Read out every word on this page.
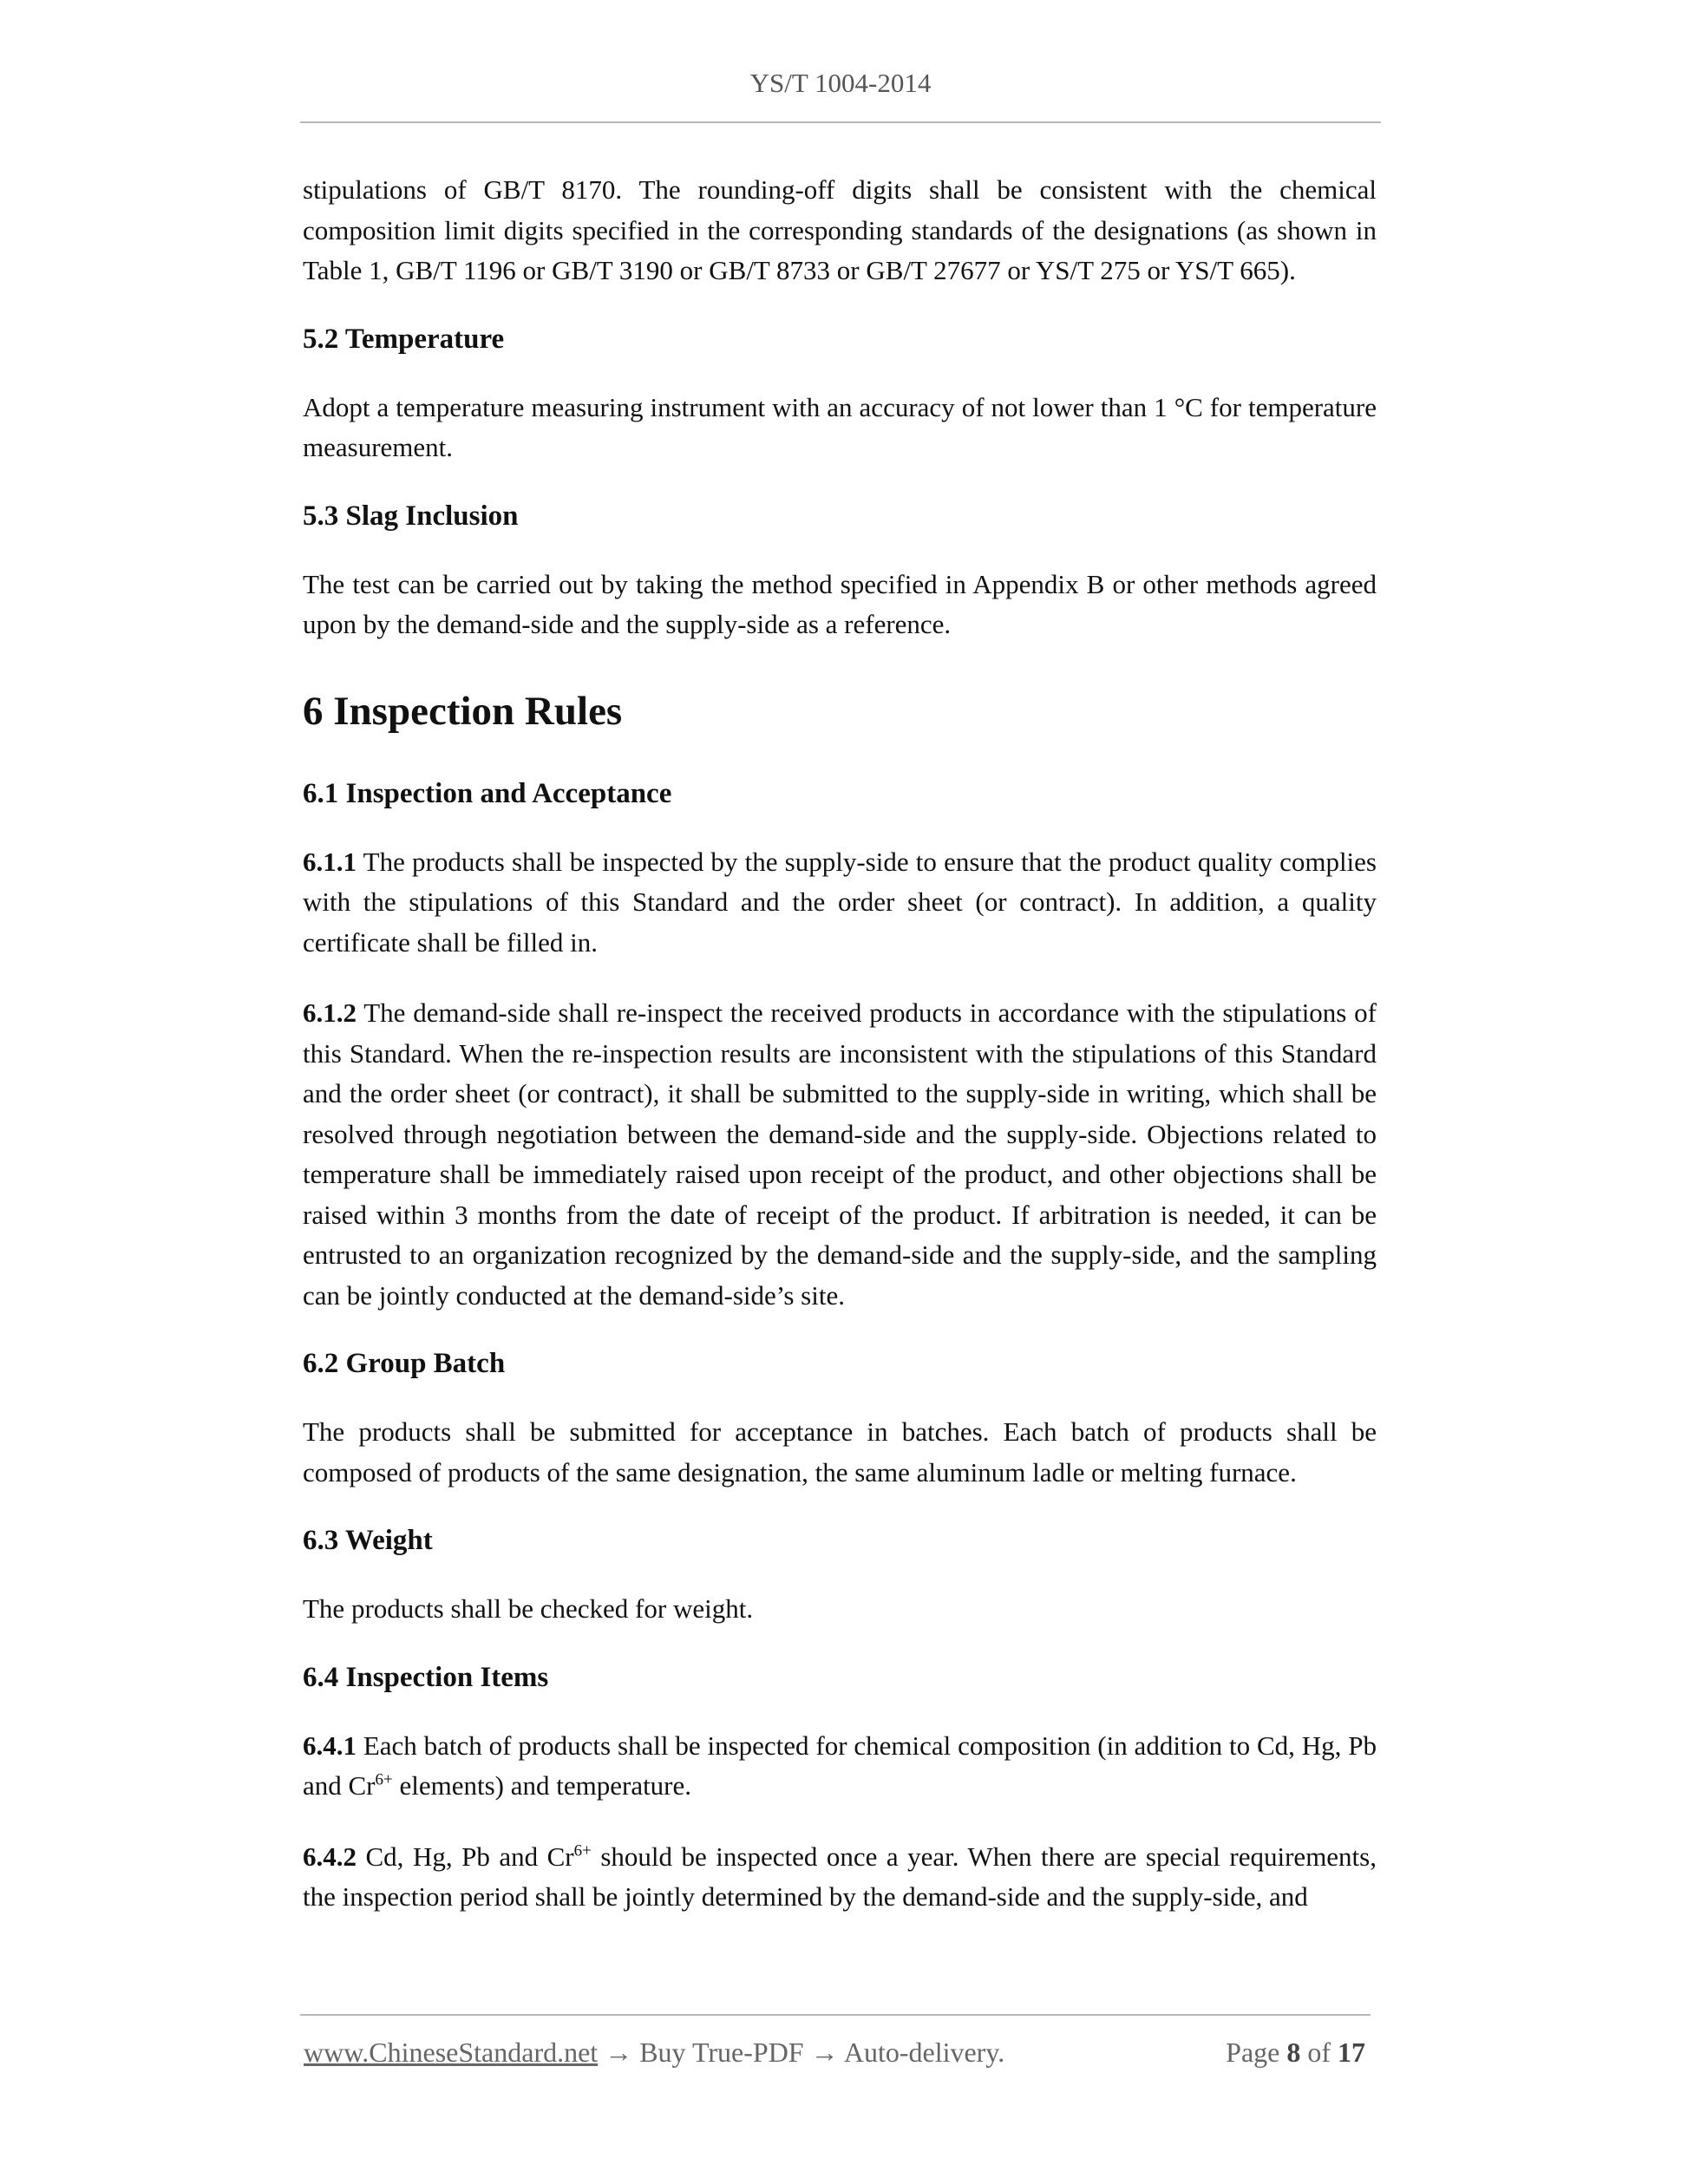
YS/T 1004-2014

stipulations of GB/T 8170. The rounding-off digits shall be consistent with the chemical composition limit digits specified in the corresponding standards of the designations (as shown in Table 1, GB/T 1196 or GB/T 3190 or GB/T 8733 or GB/T 27677 or YS/T 275 or YS/T 665).

5.2 Temperature

Adopt a temperature measuring instrument with an accuracy of not lower than 1 °C for temperature measurement.

5.3 Slag Inclusion

The test can be carried out by taking the method specified in Appendix B or other methods agreed upon by the demand-side and the supply-side as a reference.

6 Inspection Rules
6.1 Inspection and Acceptance

6.1.1 The products shall be inspected by the supply-side to ensure that the product quality complies with the stipulations of this Standard and the order sheet (or contract). In addition, a quality certificate shall be filled in.

6.1.2 The demand-side shall re-inspect the received products in accordance with the stipulations of this Standard. When the re-inspection results are inconsistent with the stipulations of this Standard and the order sheet (or contract), it shall be submitted to the supply-side in writing, which shall be resolved through negotiation between the demand-side and the supply-side. Objections related to temperature shall be immediately raised upon receipt of the product, and other objections shall be raised within 3 months from the date of receipt of the product. If arbitration is needed, it can be entrusted to an organization recognized by the demand-side and the supply-side, and the sampling can be jointly conducted at the demand-side’s site.

6.2 Group Batch

The products shall be submitted for acceptance in batches. Each batch of products shall be composed of products of the same designation, the same aluminum ladle or melting furnace.

6.3 Weight

The products shall be checked for weight.

6.4 Inspection Items

6.4.1 Each batch of products shall be inspected for chemical composition (in addition to Cd, Hg, Pb and $Cr^{6+}$ elements) and temperature.

6.4.2 Cd, Hg, Pb and $Cr^{6+}$ should be inspected once a year. When there are special requirements, the inspection period shall be jointly determined by the demand-side and the supply-side, and

www.ChineseStandard.net → Buy True-PDF → Auto-delivery.	Page 8 of 17
